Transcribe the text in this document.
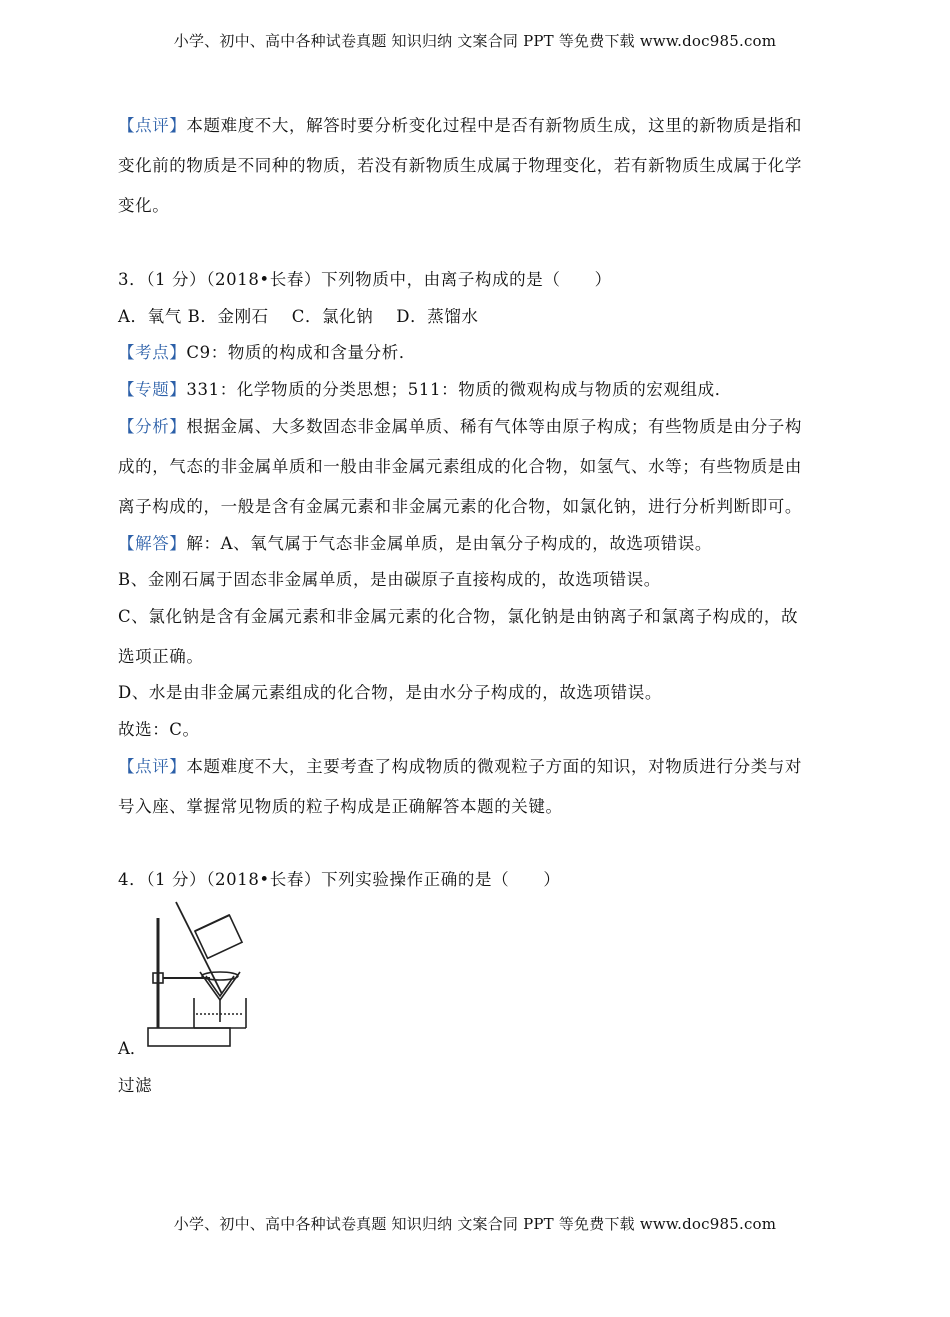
小学、初中、高中各种试卷真题 知识归纳 文案合同 PPT 等免费下载 www.doc985.com
【点评】本题难度不大，解答时要分析变化过程中是否有新物质生成，这里的新物质是指和
变化前的物质是不同种的物质，若没有新物质生成属于物理变化，若有新物质生成属于化学
变化。
3．（1 分）（2018•长春）下列物质中，由离子构成的是（　　）
A．氧气 B．金刚石　 C．氯化钠　 D．蒸馏水
【考点】C9：物质的构成和含量分析．
【专题】331：化学物质的分类思想；511：物质的微观构成与物质的宏观组成．
【分析】根据金属、大多数固态非金属单质、稀有气体等由原子构成；有些物质是由分子构
成的，气态的非金属单质和一般由非金属元素组成的化合物，如氢气、水等；有些物质是由
离子构成的，一般是含有金属元素和非金属元素的化合物，如氯化钠，进行分析判断即可。
【解答】解：A、氧气属于气态非金属单质，是由氧分子构成的，故选项错误。
B、金刚石属于固态非金属单质，是由碳原子直接构成的，故选项错误。
C、氯化钠是含有金属元素和非金属元素的化合物，氯化钠是由钠离子和氯离子构成的，故
选项正确。
D、水是由非金属元素组成的化合物，是由水分子构成的，故选项错误。
故选：C。
【点评】本题难度不大，主要考查了构成物质的微观粒子方面的知识，对物质进行分类与对
号入座、掌握常见物质的粒子构成是正确解答本题的关键。
4．（1 分）（2018•长春）下列实验操作正确的是（　　）
A．
过滤
小学、初中、高中各种试卷真题 知识归纳 文案合同 PPT 等免费下载 www.doc985.com
